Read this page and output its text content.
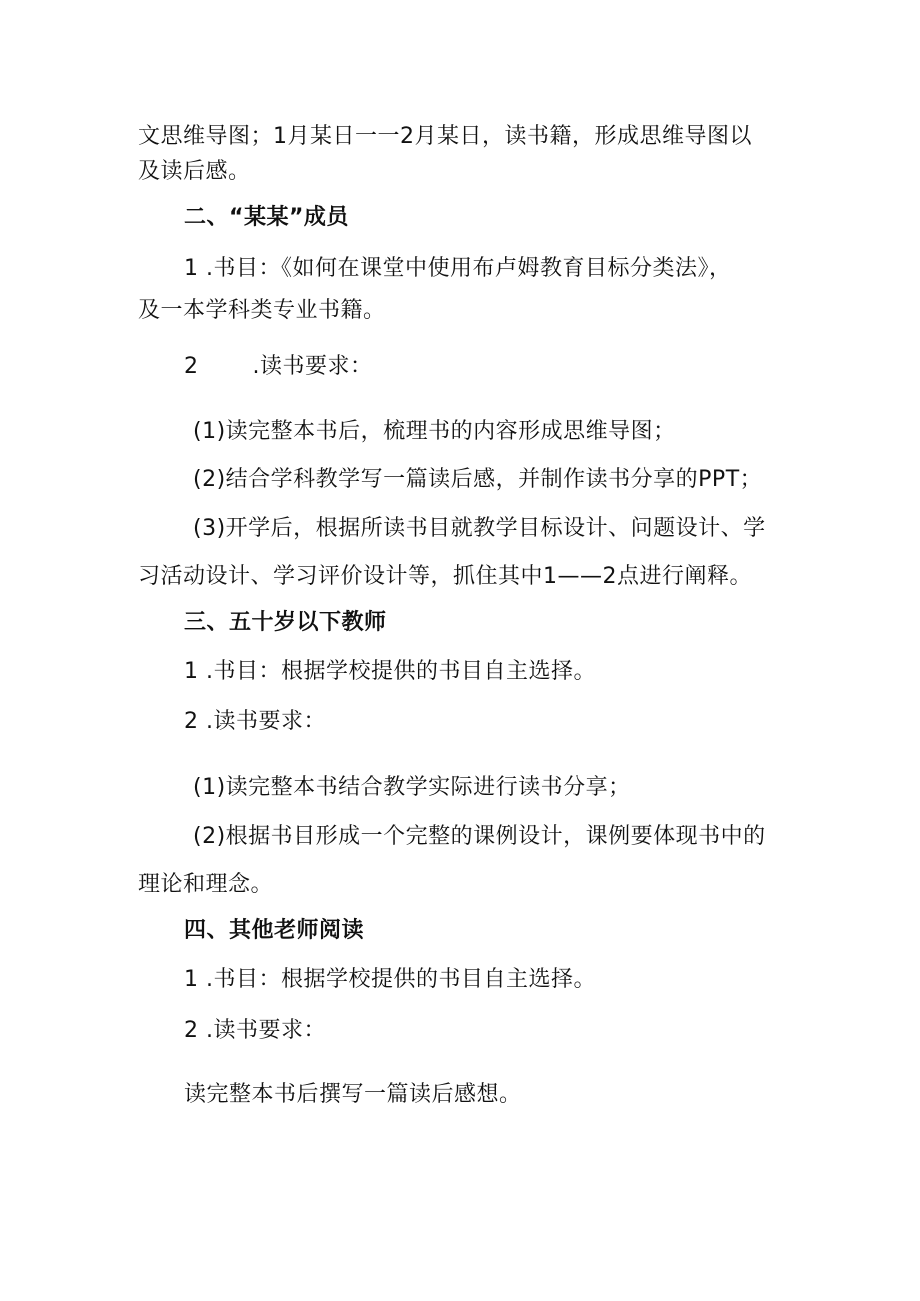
文思维导图；1月某日一一2月某日，读书籍，形成思维导图以
及读后感。
二、“某某”成员
1 .书目：《如何在课堂中使用布卢姆教育目标分类法》，
及一本学科类专业书籍。
2 .读书要求：
(1)读完整本书后，梳理书的内容形成思维导图；
(2)结合学科教学写一篇读后感，并制作读书分享的PPT；
(3)开学后，根据所读书目就教学目标设计、问题设计、学
习活动设计、学习评价设计等，抓住其中1——2点进行阐释。
三、五十岁以下教师
1 .书目：根据学校提供的书目自主选择。
2 .读书要求：
(1)读完整本书结合教学实际进行读书分享；
(2)根据书目形成一个完整的课例设计，课例要体现书中的
理论和理念。
四、其他老师阅读
1 .书目：根据学校提供的书目自主选择。
2 .读书要求：
读完整本书后撰写一篇读后感想。
